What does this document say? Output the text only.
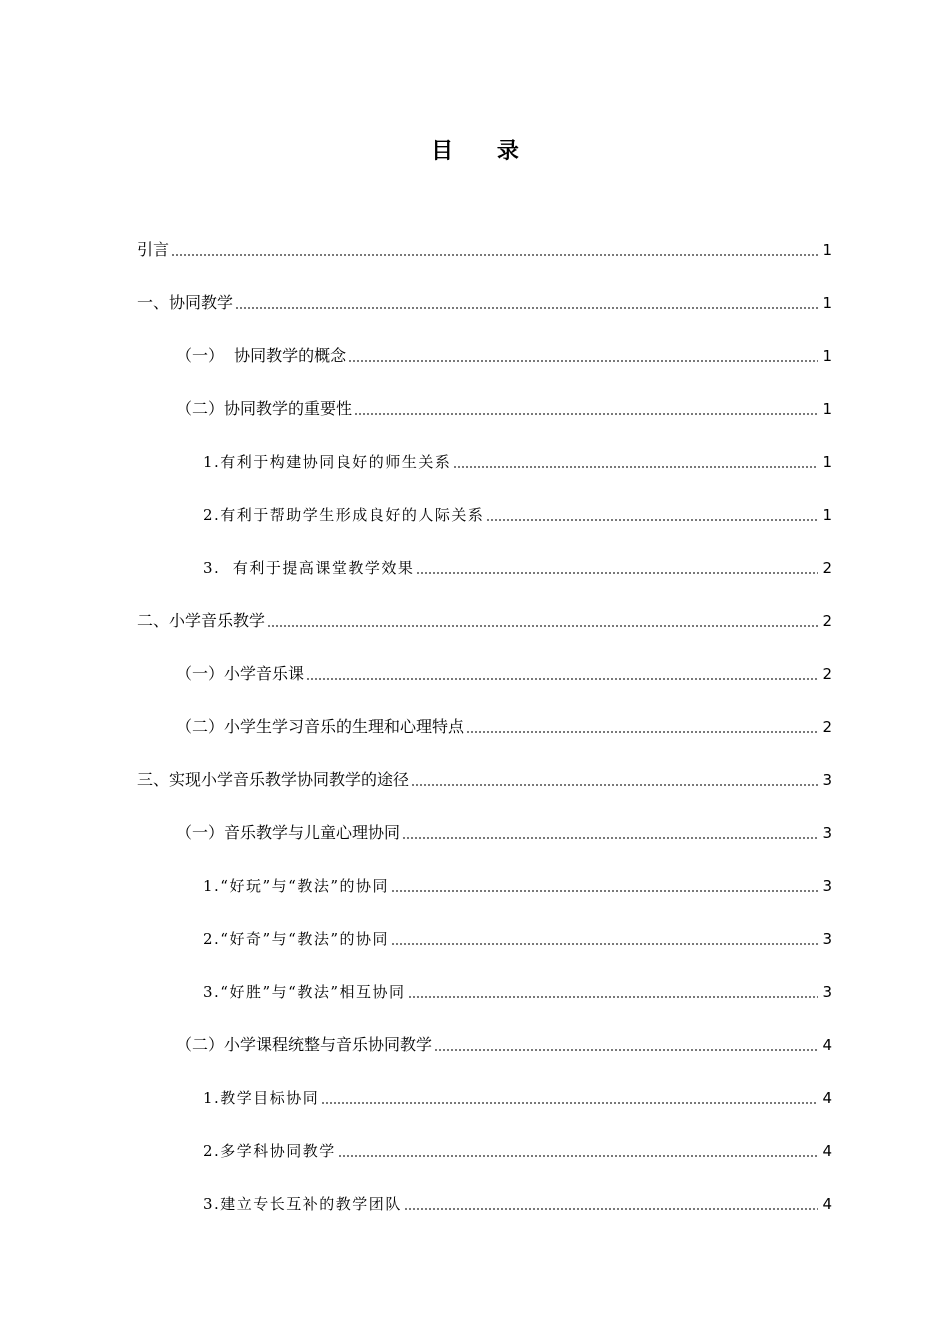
目 录
引言	1
一、协同教学	1
（一）  协同教学的概念	1
（二）协同教学的重要性	1
1.有利于构建协同良好的师生关系	1
2.有利于帮助学生形成良好的人际关系	1
3.  有利于提高课堂教学效果	2
二、小学音乐教学	2
（一）小学音乐课	2
（二）小学生学习音乐的生理和心理特点	2
三、实现小学音乐教学协同教学的途径	3
（一）音乐教学与儿童心理协同	3
1.“好玩”与“教法”的协同	3
2.“好奇”与“教法”的协同	3
3.“好胜”与“教法”相互协同	3
（二）小学课程统整与音乐协同教学	4
1.教学目标协同	4
2.多学科协同教学	4
3.建立专长互补的教学团队	4
